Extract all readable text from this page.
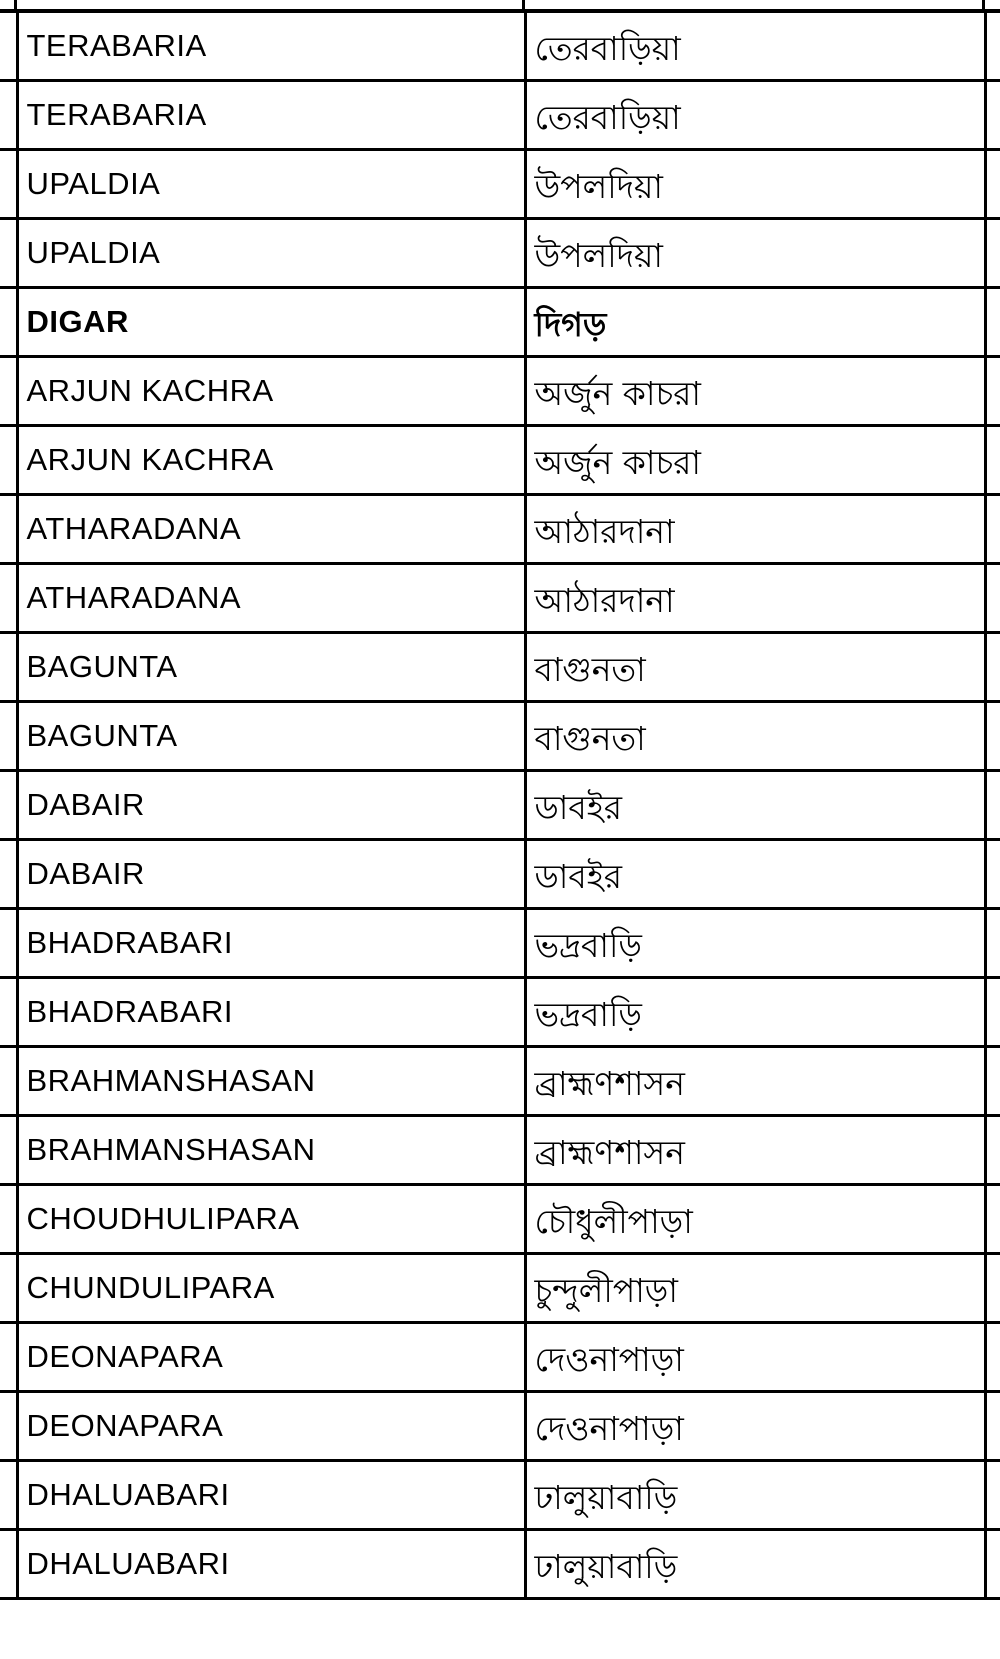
	TERABARIA	তেরবাড়িয়া	
	TERABARIA	তেরবাড়িয়া	
	UPALDIA	উপলদিয়া	
	UPALDIA	উপলদিয়া	
	DIGAR	দিগড়	
	ARJUN KACHRA	অর্জুন কাচরা	
	ARJUN KACHRA	অর্জুন কাচরা	
	ATHARADANA	আঠারদানা	
	ATHARADANA	আঠারদানা	
	BAGUNTA	বাগুনতা	
	BAGUNTA	বাগুনতা	
	DABAIR	ডাবইর	
	DABAIR	ডাবইর	
	BHADRABARI	ভদ্রবাড়ি	
	BHADRABARI	ভদ্রবাড়ি	
	BRAHMANSHASAN	ব্রাহ্মণশাসন	
	BRAHMANSHASAN	ব্রাহ্মণশাসন	
	CHOUDHULIPARA	চৌধুলীপাড়া	
	CHUNDULIPARA	চুন্দুলীপাড়া	
	DEONAPARA	দেওনাপাড়া	
	DEONAPARA	দেওনাপাড়া	
	DHALUABARI	ঢালুয়াবাড়ি	
	DHALUABARI	ঢালুয়াবাড়ি	
